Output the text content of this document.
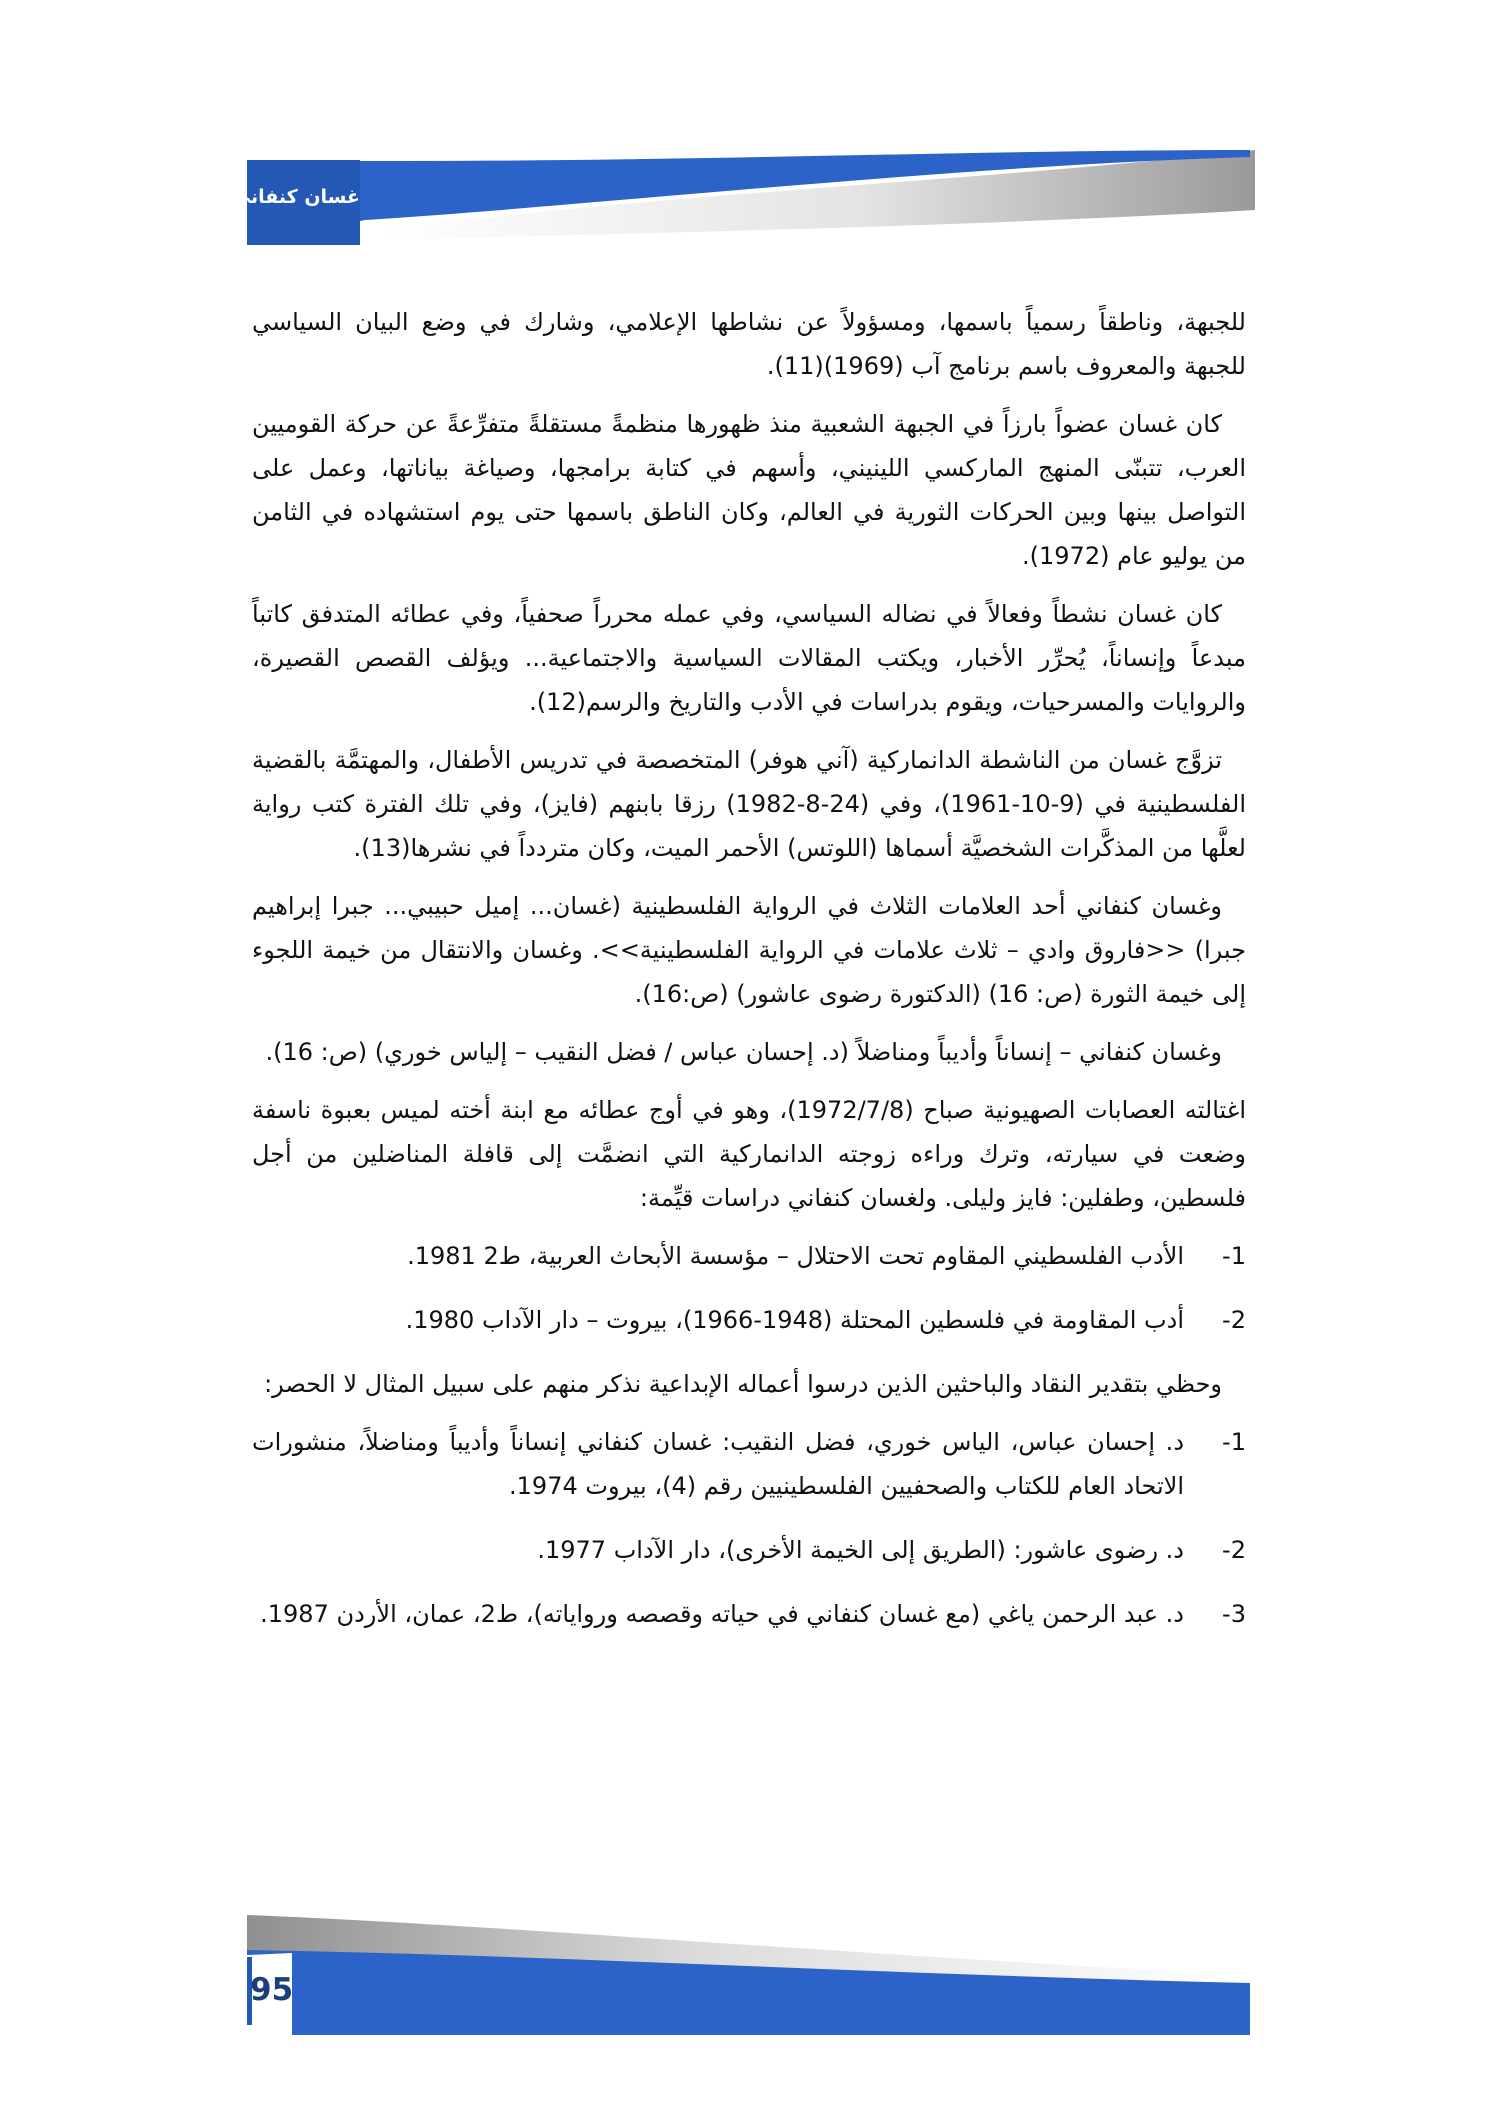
غسان كنفاني

للجبهة، وناطقاً رسمياً باسمها، ومسؤولاً عن نشاطها الإعلامي، وشارك في وضع البيان السياسي للجبهة والمعروف باسم برنامج آب (1969)(11).

كان غسان عضواً بارزاً في الجبهة الشعبية منذ ظهورها منظمةً مستقلةً متفرِّعةً عن حركة القوميين العرب، تتبنّى المنهج الماركسي اللينيني، وأسهم في كتابة برامجها، وصياغة بياناتها، وعمل على التواصل بينها وبين الحركات الثورية في العالم، وكان الناطق باسمها حتى يوم استشهاده في الثامن من يوليو عام (1972).

كان غسان نشطاً وفعالاً في نضاله السياسي، وفي عمله محرراً صحفياً، وفي عطائه المتدفق كاتباً مبدعاً وإنساناً، يُحرِّر الأخبار، ويكتب المقالات السياسية والاجتماعية... ويؤلف القصص القصيرة، والروايات والمسرحيات، ويقوم بدراسات في الأدب والتاريخ والرسم(12).

تزوَّج غسان من الناشطة الدانماركية (آني هوفر) المتخصصة في تدريس الأطفال، والمهتمَّة بالقضية الفلسطينية في (9-10-1961)، وفي (24-8-1982) رزقا بابنهم (فايز)، وفي تلك الفترة كتب رواية لعلَّها من المذكَّرات الشخصيَّة أسماها (اللوتس) الأحمر الميت، وكان متردداً في نشرها(13).

وغسان كنفاني أحد العلامات الثلاث في الرواية الفلسطينية (غسان... إميل حبيبي... جبرا إبراهيم جبرا) <<فاروق وادي – ثلاث علامات في الرواية الفلسطينية>>. وغسان والانتقال من خيمة اللجوء إلى خيمة الثورة (ص: 16) (الدكتورة رضوى عاشور) (ص:16).

وغسان كنفاني – إنساناً وأديباً ومناضلاً (د. إحسان عباس / فضل النقيب – إلياس خوري) (ص: 16).

اغتالته العصابات الصهيونية صباح (1972/7/8)، وهو في أوج عطائه مع ابنة أخته لميس بعبوة ناسفة وضعت في سيارته، وترك وراءه زوجته الدانماركية التي انضمَّت إلى قافلة المناضلين من أجل فلسطين، وطفلين: فايز وليلى. ولغسان كنفاني دراسات قيِّمة:

1-
الأدب الفلسطيني المقاوم تحت الاحتلال – مؤسسة الأبحاث العربية، ط2 1981.
2-
أدب المقاومة في فلسطين المحتلة (1948-1966)، بيروت – دار الآداب 1980.

وحظي بتقدير النقاد والباحثين الذين درسوا أعماله الإبداعية نذكر منهم على سبيل المثال لا الحصر:

1-
د. إحسان عباس، الياس خوري، فضل النقيب: غسان كنفاني إنساناً وأديباً ومناضلاً، منشورات الاتحاد العام للكتاب والصحفيين الفلسطينيين رقم (4)، بيروت 1974.
2-
د. رضوى عاشور: (الطريق إلى الخيمة الأخرى)، دار الآداب 1977.
3-
د. عبد الرحمن ياغي (مع غسان كنفاني في حياته وقصصه ورواياته)، ط2، عمان، الأردن 1987.
95
